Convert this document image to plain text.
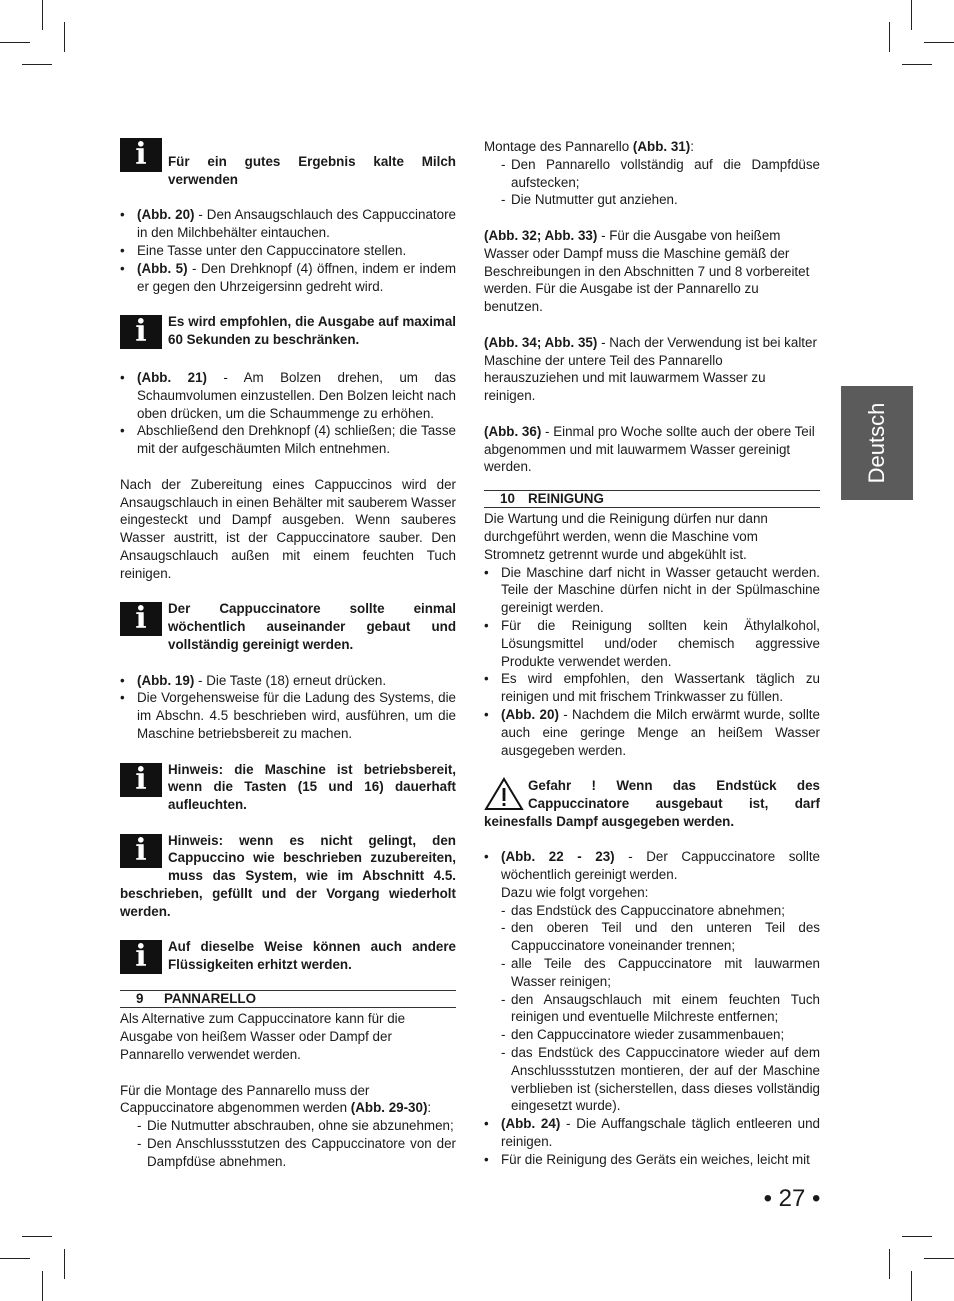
Deutsch
i	Für ein gutes Ergebnis kalte Milch verwenden
• (Abb. 20) - Den Ansaugschlauch des Cappuccinatore in den Milchbehälter eintauchen.
• Eine Tasse unter den Cappuccinatore stellen.
• (Abb. 5) - Den Drehknopf (4) öffnen, indem er indem er gegen den Uhrzeigersinn gedreht wird.
i	Es wird empfohlen, die Ausgabe auf maximal 60 Sekunden zu beschränken.
• (Abb. 21) - Am Bolzen drehen, um das Schaumvolumen einzustellen. Den Bolzen leicht nach oben drücken, um die Schaummenge zu erhöhen.
• Abschließend den Drehknopf (4) schließen; die Tasse mit der aufgeschäumten Milch entnehmen.

Nach der Zubereitung eines Cappuccinos wird der Ansaugschlauch in einen Behälter mit sauberem Wasser eingesteckt und Dampf ausgeben. Wenn sauberes Wasser austritt, ist der Cappuccinatore sauber. Den Ansaugschlauch außen mit einem feuchten Tuch reinigen.

i	Der Cappuccinatore sollte einmal wöchentlich auseinander gebaut und vollständig gereinigt werden.
• (Abb. 19) - Die Taste (18) erneut drücken.
• Die Vorgehensweise für die Ladung des Systems, die im Abschn. 4.5 beschrieben wird, ausführen, um die Maschine betriebsbereit zu machen.
i	Hinweis: die Maschine ist betriebsbereit, wenn die Tasten (15 und 16) dauerhaft aufleuchten.
i	Hinweis: wenn es nicht gelingt, den Cappuccino wie beschrieben zuzubereiten, muss das System, wie im Abschnitt 4.5. beschrieben, gefüllt und der Vorgang wiederholt werden.
i	Auf dieselbe Weise können auch andere Flüssigkeiten erhitzt werden.
9 PANNARELLO

Als Alternative zum Cappuccinatore kann für die Ausgabe von heißem Wasser oder Dampf der Pannarello verwendet werden.

Für die Montage des Pannarello muss der Cappuccinatore abgenommen werden (Abb. 29-30):

- Die Nutmutter abschrauben, ohne sie abzunehmen;
- Den Anschlussstutzen des Cappuccinatore von der Dampfdüse abnehmen.

Montage des Pannarello (Abb. 31):

- Den Pannarello vollständig auf die Dampfdüse aufstecken;
- Die Nutmutter gut anziehen.

(Abb. 32; Abb. 33) - Für die Ausgabe von heißem Wasser oder Dampf muss die Maschine gemäß der Beschreibungen in den Abschnitten 7 und 8 vorbereitet werden. Für die Ausgabe ist der Pannarello zu benutzen.

(Abb. 34; Abb. 35) - Nach der Verwendung ist bei kalter Maschine der untere Teil des Pannarello herauszuziehen und mit lauwarmem Wasser zu reinigen.

(Abb. 36) - Einmal pro Woche sollte auch der obere Teil abgenommen und mit lauwarmem Wasser gereinigt werden.

10 REINIGUNG

Die Wartung und die Reinigung dürfen nur dann durchgeführt werden, wenn die Maschine vom Stromnetz getrennt wurde und abgekühlt ist.

• Die Maschine darf nicht in Wasser getaucht werden. Teile der Maschine dürfen nicht in der Spülmaschine gereinigt werden.
• Für die Reinigung sollten kein Äthylalkohol, Lösungsmittel und/oder chemisch aggressive Produkte verwendet werden.
• Es wird empfohlen, den Wassertank täglich zu reinigen und mit frischem Trinkwasser zu füllen.
• (Abb. 20) - Nachdem die Milch erwärmt wurde, sollte auch eine geringe Menge an heißem Wasser ausgegeben werden.
Gefahr ! Wenn das Endstück des Cappuccinatore ausgebaut ist, darf keinesfalls Dampf ausgegeben werden.
• (Abb. 22 - 23) - Der Cappuccinatore sollte wöchentlich gereinigt werden.
Dazu wie folgt vorgehen:
- das Endstück des Cappuccinatore abnehmen;
- den oberen Teil und den unteren Teil des Cappuccinatore voneinander trennen;
- alle Teile des Cappuccinatore mit lauwarmen Wasser reinigen;
- den Ansaugschlauch mit einem feuchten Tuch reinigen und eventuelle Milchreste entfernen;
- den Cappuccinatore wieder zusammenbauen;
- das Endstück des Cappuccinatore wieder auf dem Anschlussstutzen montieren, der auf der Maschine verblieben ist (sicherstellen, dass dieses vollständig eingesetzt wurde).
• (Abb. 24) - Die Auffangschale täglich entleeren und reinigen.
• Für die Reinigung des Geräts ein weiches, leicht mit
• 27 •
